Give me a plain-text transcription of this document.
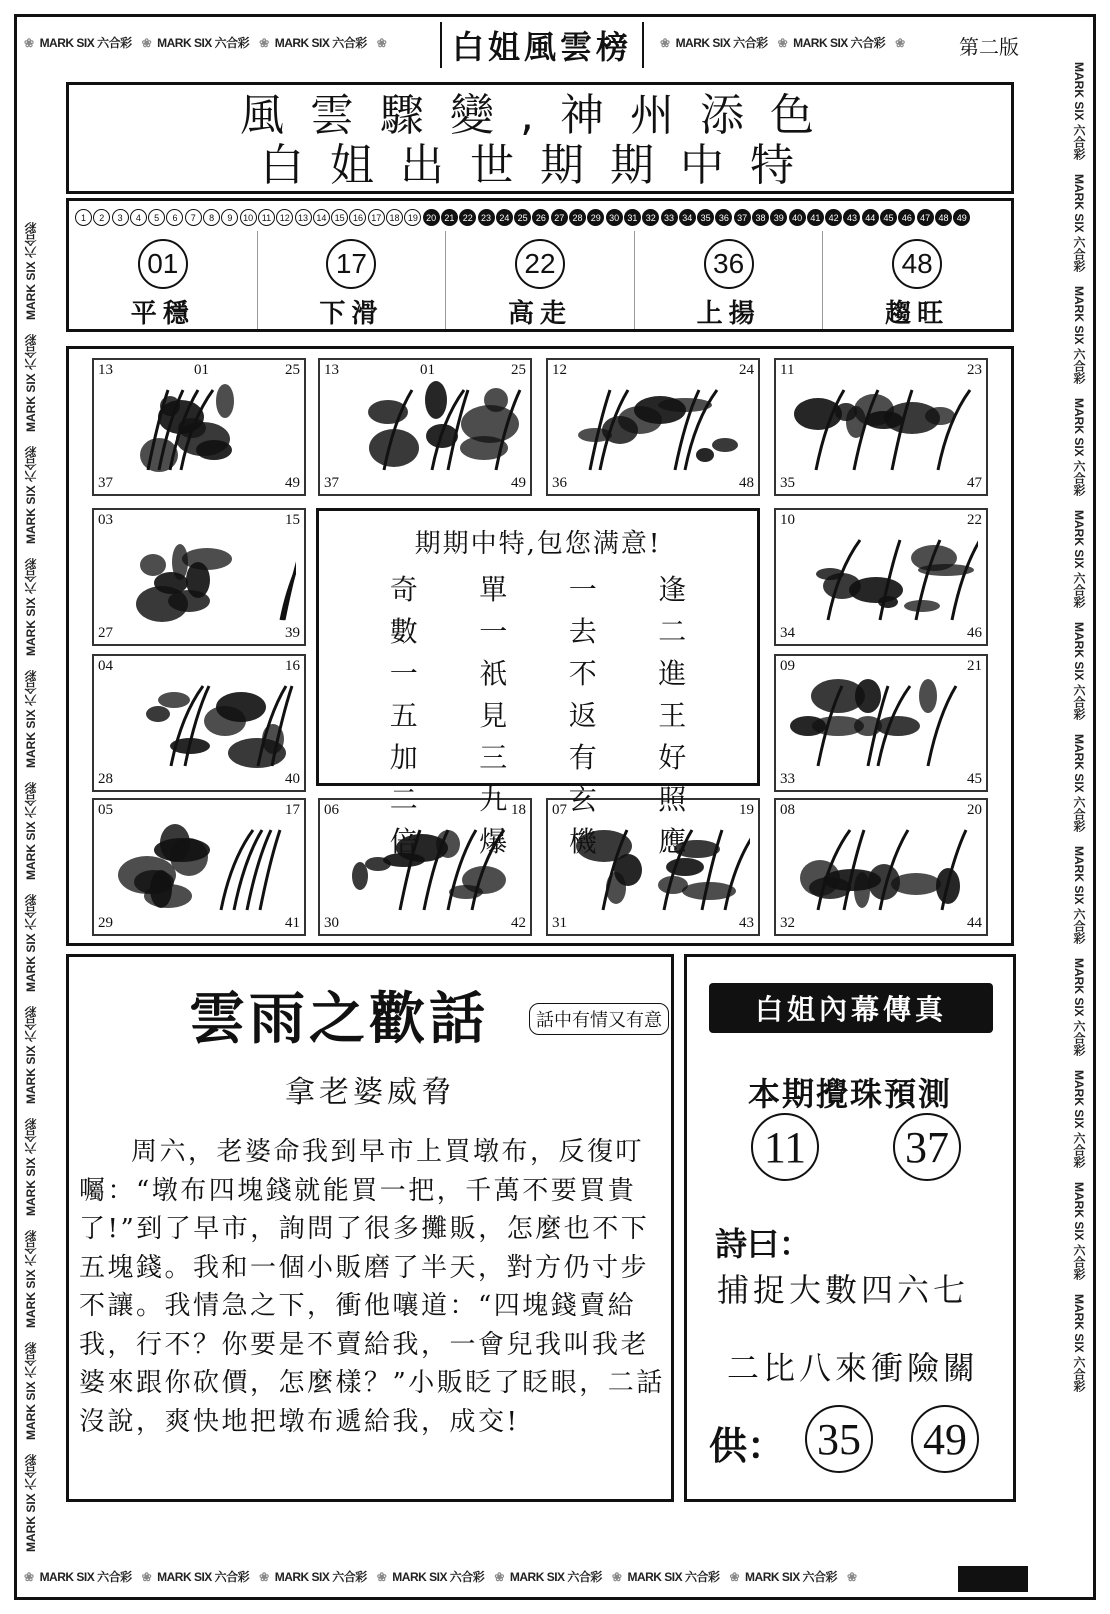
❀ MARK SIX 六合彩 ❀ MARK SIX 六合彩 ❀ MARK SIX 六合彩 ❀	白姐風雲榜	❀ MARK SIX 六合彩 ❀ MARK SIX 六合彩 ❀	第二版
MARK SIX 六合彩MARK SIX 六合彩MARK SIX 六合彩MARK SIX 六合彩MARK SIX 六合彩MARK SIX 六合彩MARK SIX 六合彩MARK SIX 六合彩MARK SIX 六合彩MARK SIX 六合彩MARK SIX 六合彩MARK SIX 六合彩
MARK SIX 六合彩MARK SIX 六合彩MARK SIX 六合彩MARK SIX 六合彩MARK SIX 六合彩MARK SIX 六合彩MARK SIX 六合彩MARK SIX 六合彩MARK SIX 六合彩MARK SIX 六合彩MARK SIX 六合彩MARK SIX 六合彩
風雲驟變,神州添色
白姐出世期期中特
1	2	3	4	5	6	7	8	9	10 11 12 13 14 15 16 17 18 19 20 21 22 23 24 25 26 27 28 29 30 31 32 33 34 35 36 37 38 39 40 41 42 43 44 45 46 47 48 49
01
平穩
17
下滑
22
高走
36
上揚
48
趨旺
13	01	25
37	49
13	01	25
37	49
12	24
36	48
11	23
35	47
03	15
27	39
10	22
34	46
04	16
28	40
09	21
33	45
05	17
29	41
06	18
30	42
07	19
31	43
08	20
32	44
期期中特,包您满意!
奇	單	一	逢
數	一	去	二
一	祇	不	進
五	見	返	王
加	三	有	好
二	九	玄	照
倍	爆	機	應
雲雨之歡話	話中有情又有意
拿老婆威脅

周六，老婆命我到早市上買墩布，反復叮囑：“墩布四塊錢就能買一把，千萬不要買貴了!”到了早市，詢問了很多攤販，怎麼也不下五塊錢。我和一個小販磨了半天，對方仍寸步不讓。我情急之下，衝他嚷道：“四塊錢賣給我，行不？你要是不賣給我，一會兒我叫我老婆來跟你砍價，怎麼樣？”小販眨了眨眼，二話沒說，爽快地把墩布遞給我，成交!

白姐內幕傳真
本期攪珠預測
11 37
詩曰：
捕捉大數四六七
二比八來衝險關
供： 35 49
❀ MARK SIX 六合彩 ❀ MARK SIX 六合彩 ❀ MARK SIX 六合彩 ❀ MARK SIX 六合彩 ❀ MARK SIX 六合彩 ❀ MARK SIX 六合彩 ❀ MARK SIX 六合彩 ❀
